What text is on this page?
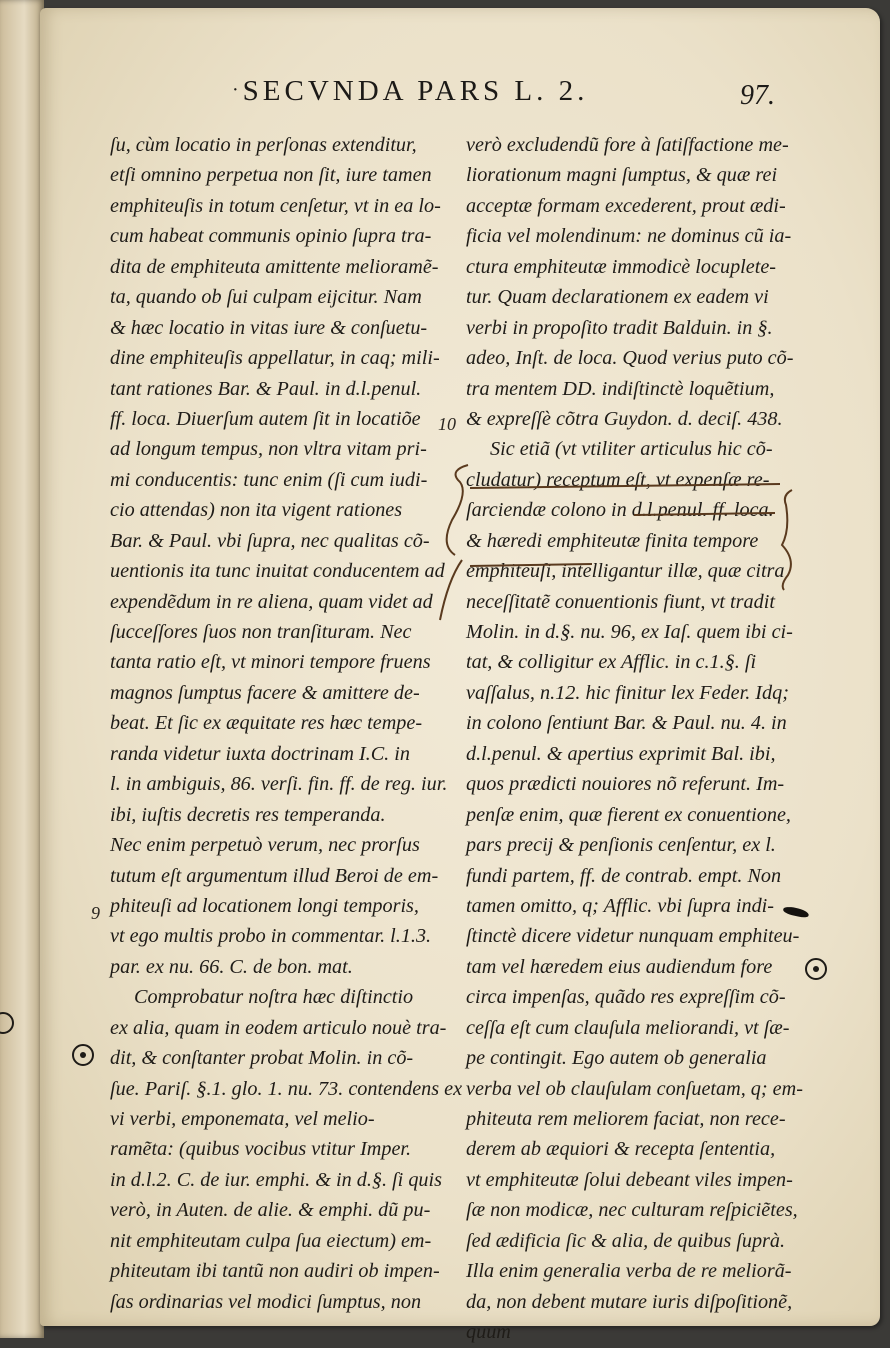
· SECVNDA PARS L. 2.	97.
ſu, cùm locatio in perſonas extenditur,
etſi omnino perpetua non ſit, iure tamen
emphiteuſis in totum cenſetur, vt in ea lo-
cum habeat communis opinio ſupra tra-
dita de emphiteuta amittente melioramẽ-
ta, quando ob ſui culpam eijcitur. Nam
& hæc locatio in vitas iure & conſuetu-
dine emphiteuſis appellatur, in caq; mili-
tant rationes Bar. & Paul. in d.l.penul.
ff. loca. Diuerſum autem ſit in locatiõe
ad longum tempus, non vltra vitam pri-
mi conducentis: tunc enim (ſi cum iudi-
cio attendas) non ita vigent rationes
Bar. & Paul. vbi ſupra, nec qualitas cõ-
uentionis ita tunc inuitat conducentem ad
expendẽdum in re aliena, quam videt ad
ſucceſſores ſuos non tranſituram. Nec
tanta ratio eſt, vt minori tempore fruens
magnos ſumptus facere & amittere de-
beat. Et ſic ex æquitate res hæc tempe-
randa videtur iuxta doctrinam I.C. in
l. in ambiguis, 86. verſi. fin. ff. de reg. iur.
ibi, iuſtis decretis res temperanda.
Nec enim perpetuò verum, nec prorſus
tutum eſt argumentum illud Beroi de em-
phiteuſi ad locationem longi temporis,
vt ego multis probo in commentar. l.1.3.
par. ex nu. 66. C. de bon. mat.
Comprobatur noſtra hæc diſtinctio
ex alia, quam in eodem articulo nouè tra-
dit, & conſtanter probat Molin. in cõ-
ſue. Pariſ. §.1. glo. 1. nu. 73. contendens ex
vi verbi, emponemata, vel melio-
ramẽta: (quibus vocibus vtitur Imper.
in d.l.2. C. de iur. emphi. & in d.§. ſi quis
verò, in Auten. de alie. & emphi. dũ pu-
nit emphiteutam culpa ſua eiectum) em-
phiteutam ibi tantũ non audiri ob impen-
ſas ordinarias vel modici ſumptus, non
verò excludendũ fore à ſatiſfactione me-
liorationum magni ſumptus, & quæ rei
acceptæ formam excederent, prout ædi-
ficia vel molendinum: ne dominus cũ ia-
ctura emphiteutæ immodicè locuplete-
tur. Quam declarationem ex eadem vi
verbi in propoſito tradit Balduin. in §.
adeo, Inſt. de loca. Quod verius puto cõ-
tra mentem DD. indiſtinctè loquẽtium,
& expreſſè cõtra Guydon. d. deciſ. 438.
Sic etiã (vt vtiliter articulus hic cõ-
cludatur) receptum eſt, vt expenſæ re-
ſarciendæ colono in d.l.penul. ff. loca.
& hæredi emphiteutæ finita tempore
emphiteuſi, intelligantur illæ, quæ citra
neceſſitatẽ conuentionis fiunt, vt tradit
Molin. in d.§. nu. 96, ex Iaſ. quem ibi ci-
tat, & colligitur ex Afflic. in c.1.§. ſi
vaſſalus, n.12. hic finitur lex Feder. Idq;
in colono ſentiunt Bar. & Paul. nu. 4. in
d.l.penul. & apertius exprimit Bal. ibi,
quos prædicti nouiores nõ referunt. Im-
penſæ enim, quæ fierent ex conuentione,
pars precij & penſionis cenſentur, ex l.
fundi partem, ff. de contrab. empt. Non
tamen omitto, q; Afflic. vbi ſupra indi-
ſtinctè dicere videtur nunquam emphiteu-
tam vel hæredem eius audiendum fore
circa impenſas, quãdo res expreſſim cõ-
ceſſa eſt cum clauſula meliorandi, vt ſæ-
pe contingit. Ego autem ob generalia
verba vel ob clauſulam conſuetam, q; em-
phiteuta rem meliorem faciat, non rece-
derem ab æquiori & recepta ſententia,
vt emphiteutæ ſolui debeant viles impen-
ſæ non modicæ, nec culturam reſpiciẽtes,
ſed ædificia ſic & alia, de quibus ſuprà.
Illa enim generalia verba de re meliorã-
da, non debent mutare iuris diſpoſitionẽ,
quum
10
9
